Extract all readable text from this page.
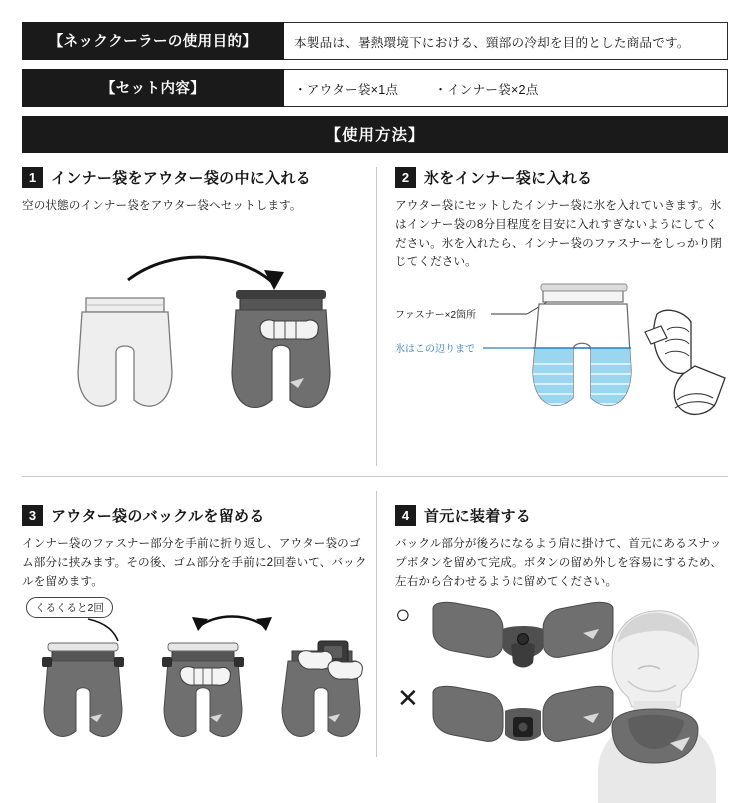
【ネッククーラーの使用目的】	本製品は、暑熱環境下における、頸部の冷却を目的とした商品です。
【セット内容】	・アウター袋×1点	・インナー袋×2点
【使用方法】
1 インナー袋をアウター袋の中に入れる

空の状態のインナー袋をアウター袋へセットします。

2 氷をインナー袋に入れる

アウター袋にセットしたインナー袋に氷を入れていきます。氷はインナー袋の8分目程度を目安に入れすぎないようにしてください。氷を入れたら、インナー袋のファスナーをしっかり閉じてください。

ファスナー×2箇所
氷はこの辺りまで
3 アウター袋のバックルを留める

インナー袋のファスナー部分を手前に折り返し、アウター袋のゴム部分に挟みます。その後、ゴム部分を手前に2回巻いて、バックルを留めます。

くるくると2回
4 首元に装着する

バックル部分が後ろになるよう肩に掛けて、首元にあるスナップボタンを留めて完成。ボタンの留め外しを容易にするため、左右から合わせるように留めてください。

○
✕
